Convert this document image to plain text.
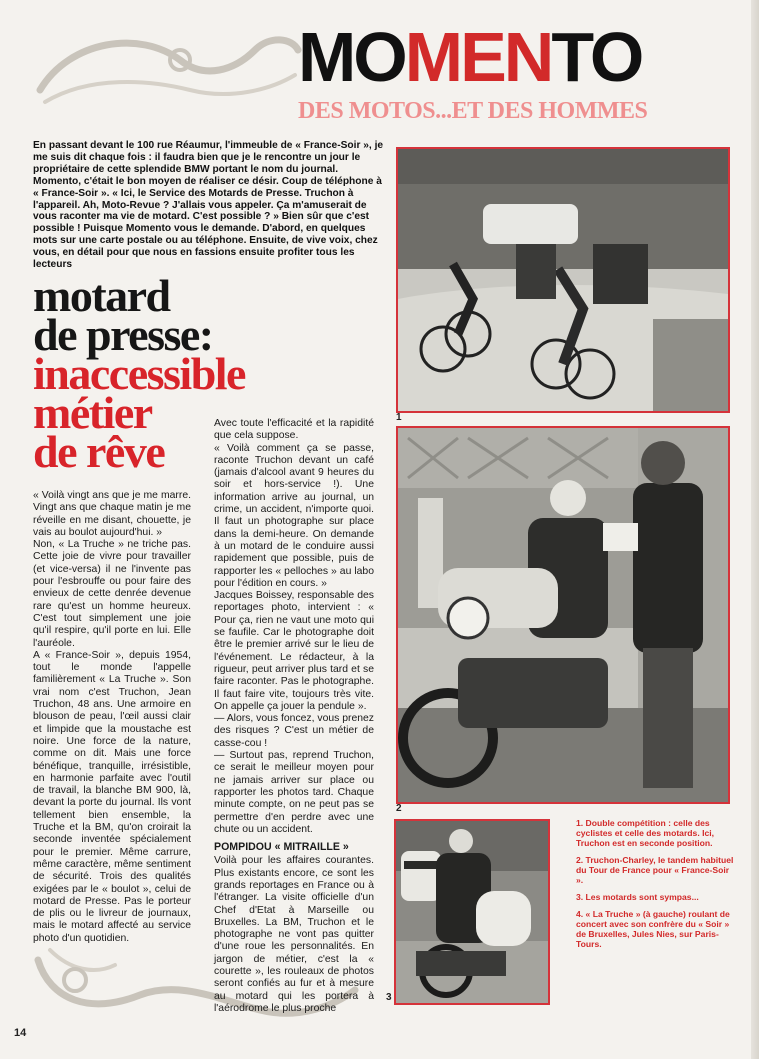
MOMENTO
DES MOTOS...ET DES HOMMES
En passant devant le 100 rue Réaumur, l'immeuble de « France-Soir », je me suis dit chaque fois : il faudra bien que je le rencontre un jour le propriétaire de cette splendide BMW portant le nom du journal. Momento, c'était le bon moyen de réaliser ce désir. Coup de téléphone à « France-Soir ». « Ici, le Service des Motards de Presse. Truchon à l'appareil. Ah, Moto-Revue ? J'allais vous appeler. Ça m'amuserait de vous raconter ma vie de motard. C'est possible ? » Bien sûr que c'est possible ! Puisque Momento vous le demande. D'abord, en quelques mots sur une carte postale ou au téléphone. Ensuite, de vive voix, chez vous, en détail pour que nous en fassions ensuite profiter tous les lecteurs
motard
de presse:
inaccessible
métier
de rêve

« Voilà vingt ans que je me marre. Vingt ans que chaque matin je me réveille en me disant, chouette, je vais au boulot aujourd'hui. »

Non, « La Truche » ne triche pas. Cette joie de vivre pour travailler (et vice-versa) il ne l'invente pas pour l'esbrouffe ou pour faire des envieux de cette denrée devenue rare qu'est un homme heureux. C'est tout simplement une joie qu'il respire, qu'il porte en lui. Elle l'auréole.

A « France-Soir », depuis 1954, tout le monde l'appelle familièrement « La Truche ». Son vrai nom c'est Truchon, Jean Truchon, 48 ans. Une armoire en blouson de peau, l'œil aussi clair et limpide que la moustache est noire. Une force de la nature, comme on dit. Mais une force bénéfique, tranquille, irrésistible, en harmonie parfaite avec l'outil de travail, la blanche BM 900, là, devant la porte du journal. Ils vont tellement bien ensemble, la Truche et la BM, qu'on croirait la seconde inventée spécialement pour le premier. Même carrure, même caractère, même sentiment de sécurité. Trois des qualités exigées par le « boulot », celui de motard de Presse. Pas le porteur de plis ou le livreur de journaux, mais le motard affecté au service photo d'un quotidien.

Avec toute l'efficacité et la rapidité que cela suppose.

« Voilà comment ça se passe, raconte Truchon devant un café (jamais d'alcool avant 9 heures du soir et hors-service !). Une information arrive au journal, un crime, un accident, n'importe quoi. Il faut un photographe sur place dans la demi-heure. On demande à un motard de le conduire aussi rapidement que possible, puis de rapporter les « pelloches » au labo pour l'édition en cours. »

Jacques Boissey, responsable des reportages photo, intervient : « Pour ça, rien ne vaut une moto qui se faufile. Car le photographe doit être le premier arrivé sur le lieu de l'événement. Le rédacteur, à la rigueur, peut arriver plus tard et se faire raconter. Pas le photographe. Il faut faire vite, toujours très vite. On appelle ça jouer la pendule ».

— Alors, vous foncez, vous prenez des risques ? C'est un métier de casse-cou !

— Surtout pas, reprend Truchon, ce serait le meilleur moyen pour ne jamais arriver sur place ou rapporter les photos tard. Chaque minute compte, on ne peut pas se permettre d'en perdre avec une chute ou un accident.

POMPIDOU « MITRAILLE »

Voilà pour les affaires courantes. Plus existants encore, ce sont les grands reportages en France ou à l'étranger. La visite officielle d'un Chef d'Etat à Marseille ou Bruxelles. La BM, Truchon et le photographe ne vont pas quitter d'une roue les personnalités. En jargon de métier, c'est la « courette », les rouleaux de photos seront confiés au fur et à mesure au motard qui les portera à l'aérodrome le plus proche

1
2
3

1. Double compétition : celle des cyclistes et celle des motards. Ici, Truchon est en seconde position.

2. Truchon-Charley, le tandem habituel du Tour de France pour « France-Soir ».

3. Les motards sont sympas...

4. « La Truche » (à gauche) roulant de concert avec son confrère du « Soir » de Bruxelles, Jules Nies, sur Paris-Tours.

14
